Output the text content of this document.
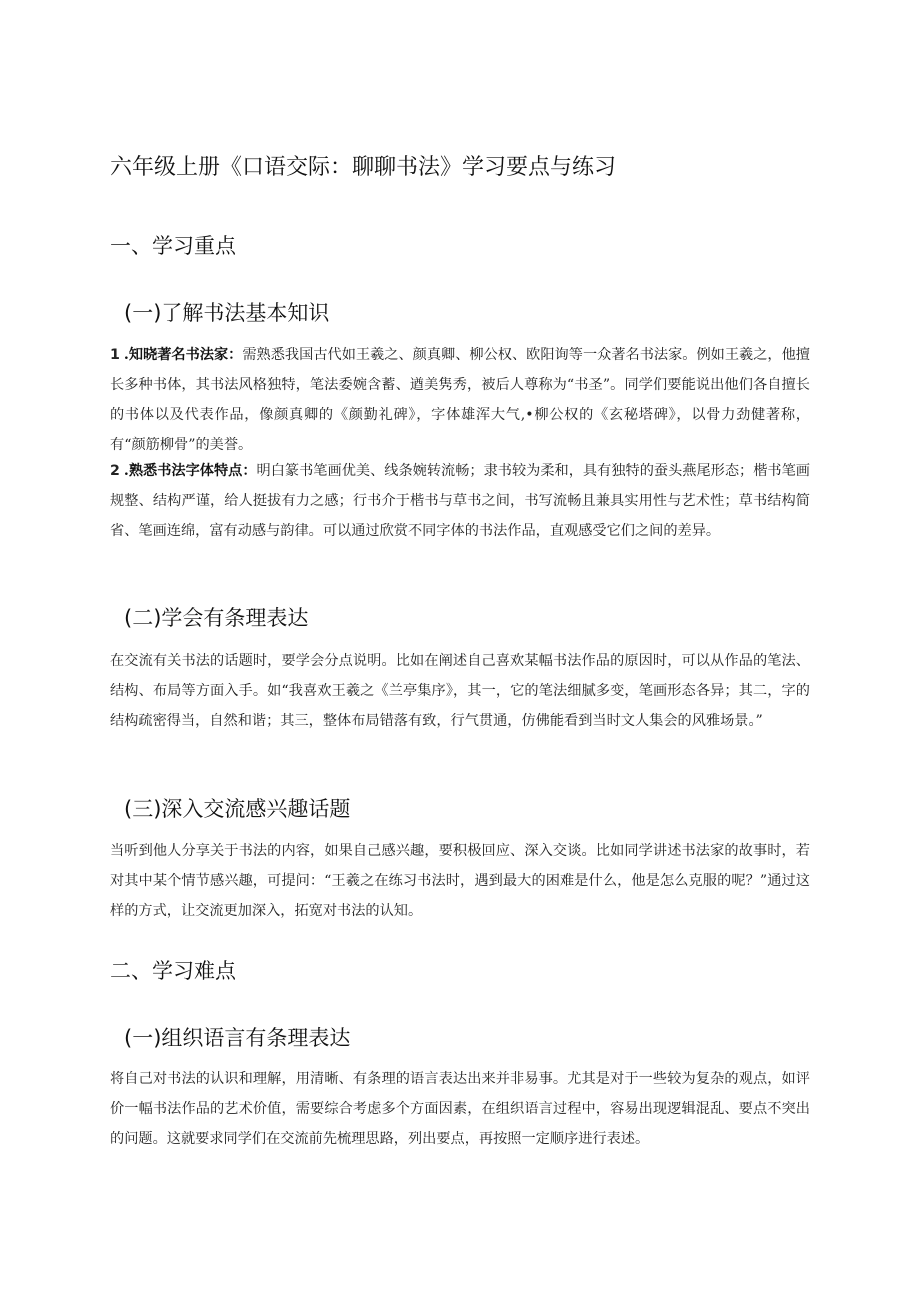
六年级上册《口语交际：聊聊书法》学习要点与练习
一、学习重点
(一)了解书法基本知识
1 .知晓著名书法家：需熟悉我国古代如王羲之、颜真卿、柳公权、欧阳询等一众著名书法家。例如王羲之，他擅长多种书体，其书法风格独特，笔法委婉含蓄、遒美隽秀，被后人尊称为“书圣”。同学们要能说出他们各自擅长的书体以及代表作品，像颜真卿的《颜勤礼碑》，字体雄浑大气,•柳公权的《玄秘塔碑》，以骨力劲健著称，有“颜筋柳骨”的美誉。
2 .熟悉书法字体特点：明白篆书笔画优美、线条婉转流畅；隶书较为柔和，具有独特的蚕头燕尾形态；楷书笔画规整、结构严谨，给人挺拔有力之感；行书介于楷书与草书之间，书写流畅且兼具实用性与艺术性；草书结构简省、笔画连绵，富有动感与韵律。可以通过欣赏不同字体的书法作品，直观感受它们之间的差异。
(二)学会有条理表达
在交流有关书法的话题时，要学会分点说明。比如在阐述自己喜欢某幅书法作品的原因时，可以从作品的笔法、结构、布局等方面入手。如“我喜欢王羲之《兰亭集序》，其一，它的笔法细腻多变，笔画形态各异；其二，字的结构疏密得当，自然和谐；其三，整体布局错落有致，行气贯通，仿佛能看到当时文人集会的风雅场景。”
(三)深入交流感兴趣话题
当听到他人分享关于书法的内容，如果自己感兴趣，要积极回应、深入交谈。比如同学讲述书法家的故事时，若对其中某个情节感兴趣，可提问：“王羲之在练习书法时，遇到最大的困难是什么，他是怎么克服的呢？”通过这样的方式，让交流更加深入，拓宽对书法的认知。
二、学习难点
(一)组织语言有条理表达
将自己对书法的认识和理解，用清晰、有条理的语言表达出来并非易事。尤其是对于一些较为复杂的观点，如评价一幅书法作品的艺术价值，需要综合考虑多个方面因素，在组织语言过程中，容易出现逻辑混乱、要点不突出的问题。这就要求同学们在交流前先梳理思路，列出要点，再按照一定顺序进行表述。
